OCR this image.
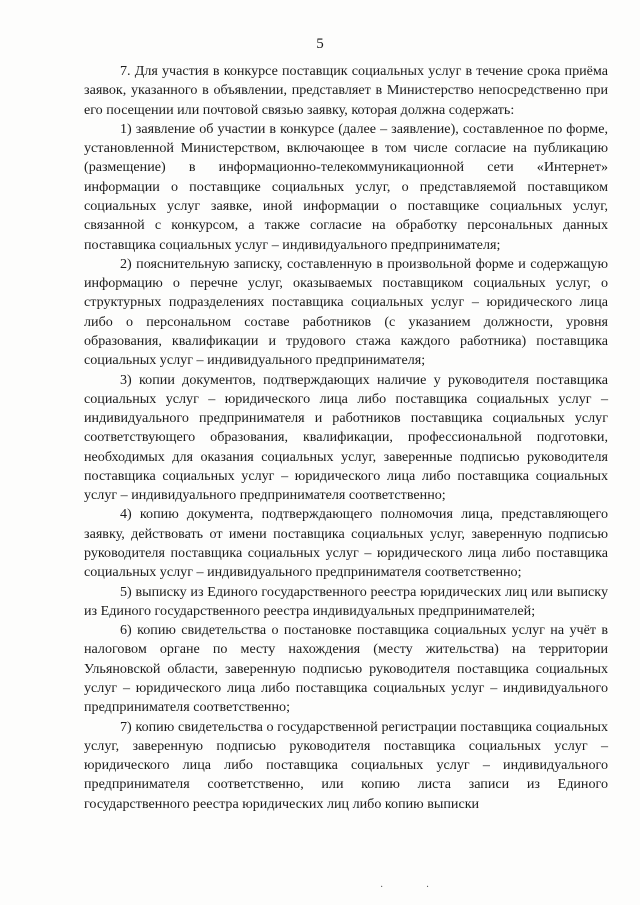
5

7. Для участия в конкурсе поставщик социальных услуг в течение срока приёма заявок, указанного в объявлении, представляет в Министерство непосредственно при его посещении или почтовой связью заявку, которая должна содержать:

1) заявление об участии в конкурсе (далее – заявление), составленное по форме, установленной Министерством, включающее в том числе согласие на публикацию (размещение) в информационно-телекоммуникационной сети «Интернет» информации о поставщике социальных услуг, о представляемой поставщиком социальных услуг заявке, иной информации о поставщике социальных услуг, связанной с конкурсом, а также согласие на обработку персональных данных поставщика социальных услуг – индивидуального предпринимателя;

2) пояснительную записку, составленную в произвольной форме и содержащую информацию о перечне услуг, оказываемых поставщиком социальных услуг, о структурных подразделениях поставщика социальных услуг – юридического лица либо о персональном составе работников (с указанием должности, уровня образования, квалификации и трудового стажа каждого работника) поставщика социальных услуг – индивидуального предпринимателя;

3) копии документов, подтверждающих наличие у руководителя поставщика социальных услуг – юридического лица либо поставщика социальных услуг – индивидуального предпринимателя и работников поставщика социальных услуг соответствующего образования, квалификации, профессиональной подготовки, необходимых для оказания социальных услуг, заверенные подписью руководителя поставщика социальных услуг – юридического лица либо поставщика социальных услуг – индивидуального предпринимателя соответственно;

4) копию документа, подтверждающего полномочия лица, представляющего заявку, действовать от имени поставщика социальных услуг, заверенную подписью руководителя поставщика социальных услуг – юридического лица либо поставщика социальных услуг – индивидуального предпринимателя соответственно;

5) выписку из Единого государственного реестра юридических лиц или выписку из Единого государственного реестра индивидуальных предпринимателей;

6) копию свидетельства о постановке поставщика социальных услуг на учёт в налоговом органе по месту нахождения (месту жительства) на территории Ульяновской области, заверенную подписью руководителя поставщика социальных услуг – юридического лица либо поставщика социальных услуг – индивидуального предпринимателя соответственно;

7) копию свидетельства о государственной регистрации поставщика социальных услуг, заверенную подписью руководителя поставщика социальных услуг – юридического лица либо поставщика социальных услуг – индивидуального предпринимателя соответственно, или копию листа записи из Единого государственного реестра юридических лиц либо копию выписки

· ·
